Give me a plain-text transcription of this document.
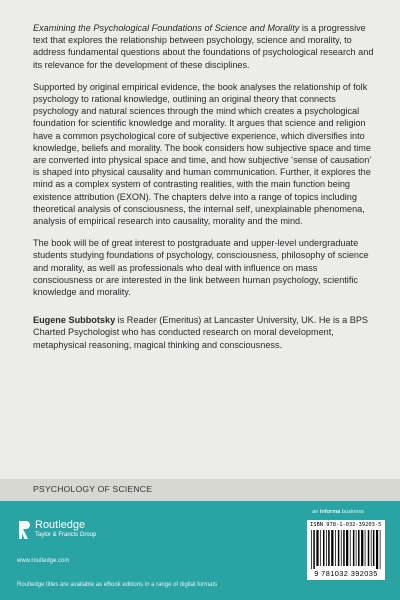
Examining the Psychological Foundations of Science and Morality is a progressive text that explores the relationship between psychology, science and morality, to address fundamental questions about the foundations of psychological research and its relevance for the development of these disciplines.

Supported by original empirical evidence, the book analyses the relationship of folk psychology to rational knowledge, outlining an original theory that connects psychology and natural sciences through the mind which creates a psychological foundation for scientific knowledge and morality. It argues that science and religion have a common psychological core of subjective experience, which diversifies into knowledge, beliefs and morality. The book considers how subjective space and time are converted into physical space and time, and how subjective ‘sense of causation’ is shaped into physical causality and human communication. Further, it explores the mind as a complex system of contrasting realities, with the main function being existence attribution (EXON). The chapters delve into a range of topics including theoretical analysis of consciousness, the internal self, unexplainable phenomena, analysis of empirical research into causality, morality and the mind.

The book will be of great interest to postgraduate and upper-level undergraduate students studying foundations of psychology, consciousness, philosophy of science and morality, as well as professionals who deal with influence on mass consciousness or are interested in the link between human psychology, scientific knowledge and morality.

Eugene Subbotsky is Reader (Emeritus) at Lancaster University, UK. He is a BPS Charted Psychologist who has conducted research on moral development, metaphysical reasoning, magical thinking and consciousness.

PSYCHOLOGY OF SCIENCE
Routledge
Taylor & Francis Group
www.routledge.com
Routledge titles are available as eBook editions in a range of digital formats
an informa business
ISBN 978-1-032-39203-5
9 781032 392035
